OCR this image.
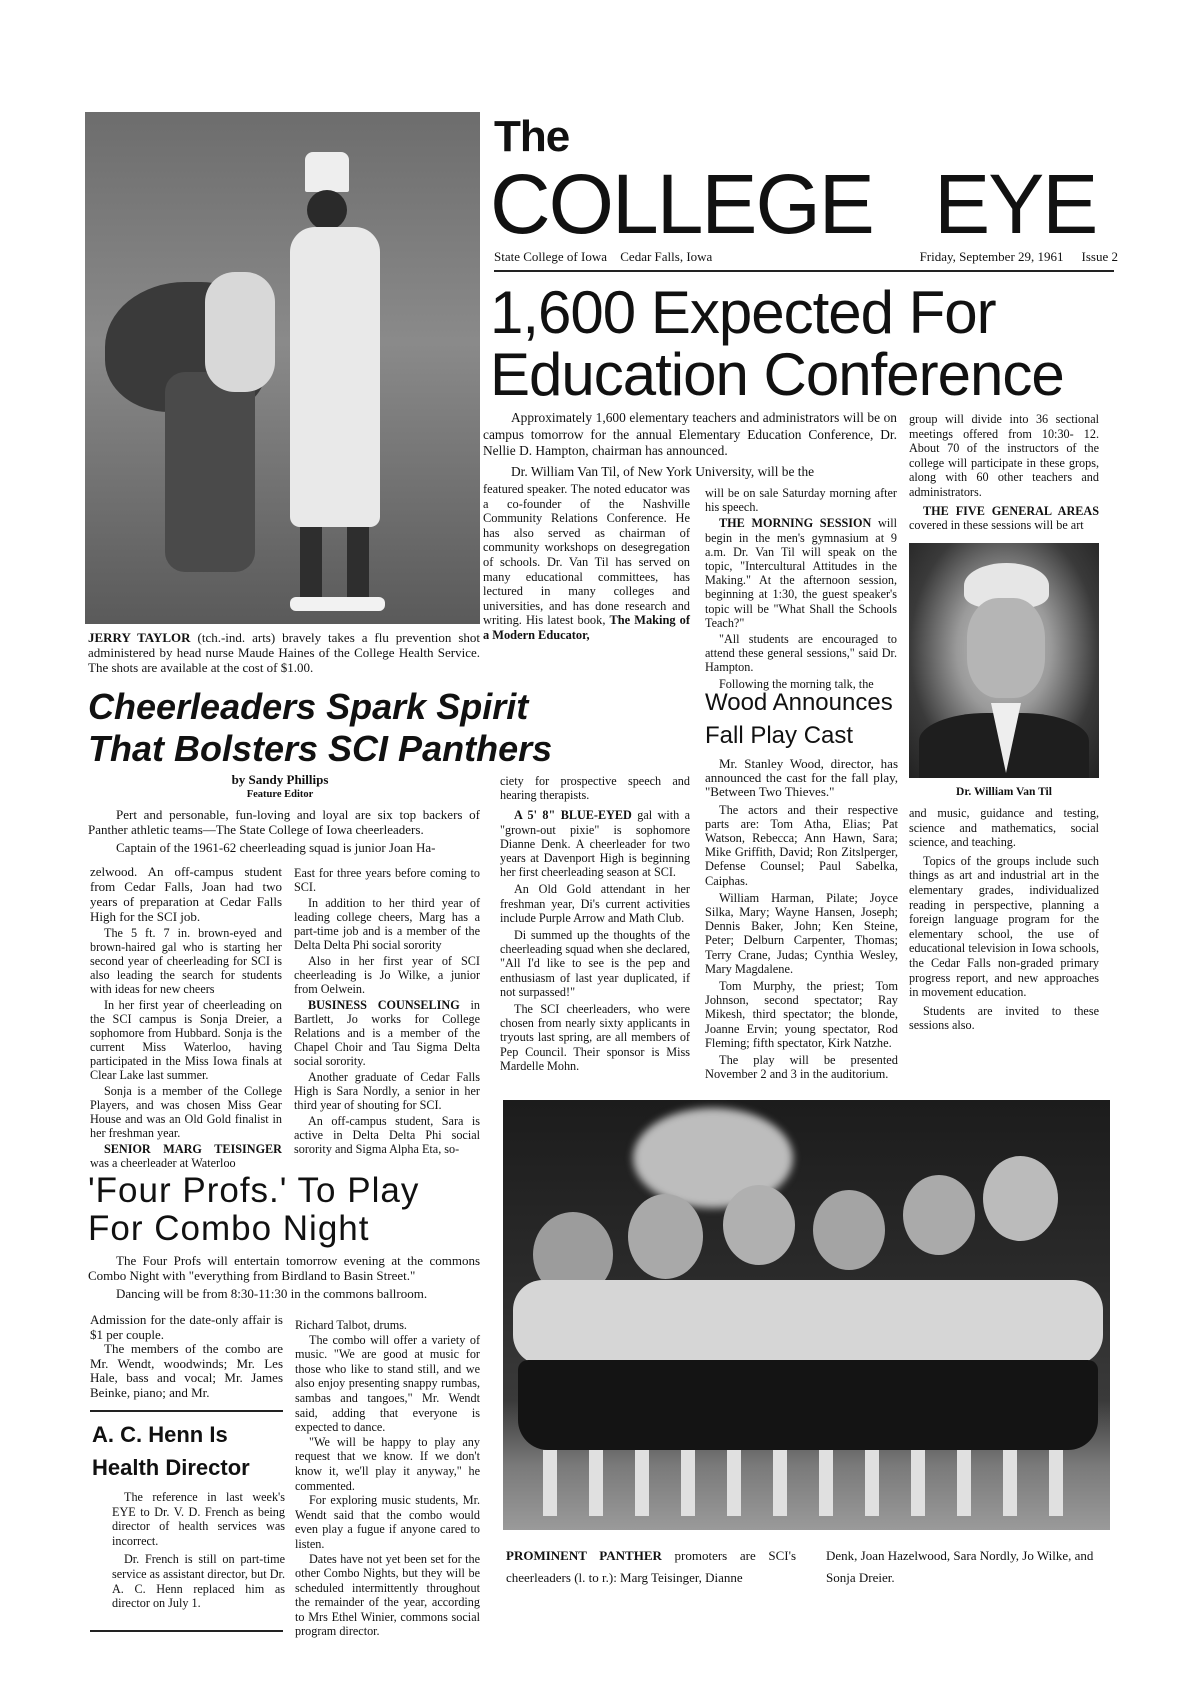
The
COLLEGE EYE
State College of Iowa Cedar Falls, Iowa	Issue 2
Friday, September 29, 1961
JERRY TAYLOR (tch.-ind. arts) bravely takes a flu prevention shot administered by head nurse Maude Haines of the College Health Service. The shots are available at the cost of $1.00.
1,600 Expected For
Education Conference

Approximately 1,600 elementary teachers and administrators will be on campus tomorrow for the annual Elementary Education Conference, Dr. Nellie D. Hampton, chairman has announced.

Dr. William Van Til, of New York University, will be the

featured speaker. The noted educator was a co-founder of the Nashville Community Relations Conference. He has also served as chairman of community workshops on desegregation of schools. Dr. Van Til has served on many educational committees, has lectured in many colleges and universities, and has done research and writing. His latest book, The Making of a Modern Educator,

will be on sale Saturday morning after his speech.

THE MORNING SESSION will begin in the men's gymnasium at 9 a.m. Dr. Van Til will speak on the topic, "Intercultural Attitudes in the Making." At the afternoon session, beginning at 1:30, the guest speaker's topic will be "What Shall the Schools Teach?"

"All students are encouraged to attend these general sessions," said Dr. Hampton.

Following the morning talk, the

group will divide into 36 sectional meetings offered from 10:30- 12. About 70 of the instructors of the college will participate in these grops, along with 60 other teachers and administrators.

THE FIVE GENERAL AREAS covered in these sessions will be art

Dr. William Van Til

and music, guidance and testing, science and mathematics, social science, and teaching.

Topics of the groups include such things as art and industrial art in the elementary grades, individualized reading in perspective, planning a foreign language program for the elementary school, the use of educational television in Iowa schools, the Cedar Falls non-graded primary progress report, and new approaches in movement education.

Students are invited to these sessions also.

Cheerleaders Spark Spirit
That Bolsters SCI Panthers
by Sandy Phillips
Feature Editor

Pert and personable, fun-loving and loyal are six top backers of Panther athletic teams—The State College of Iowa cheerleaders.

Captain of the 1961-62 cheerleading squad is junior Joan Ha-

zelwood. An off-campus student from Cedar Falls, Joan had two years of preparation at Cedar Falls High for the SCI job.

The 5 ft. 7 in. brown-eyed and brown-haired gal who is starting her second year of cheerleading for SCI is also leading the search for students with ideas for new cheers

In her first year of cheerleading on the SCI campus is Sonja Dreier, a sophomore from Hubbard. Sonja is the current Miss Waterloo, having participated in the Miss Iowa finals at Clear Lake last summer.

Sonja is a member of the College Players, and was chosen Miss Gear House and was an Old Gold finalist in her freshman year.

SENIOR MARG TEISINGER was a cheerleader at Waterloo

East for three years before coming to SCI.

In addition to her third year of leading college cheers, Marg has a part-time job and is a member of the Delta Delta Phi social sorority

Also in her first year of SCI cheerleading is Jo Wilke, a junior from Oelwein.

BUSINESS COUNSELING in Bartlett, Jo works for College Relations and is a member of the Chapel Choir and Tau Sigma Delta social sorority.

Another graduate of Cedar Falls High is Sara Nordly, a senior in her third year of shouting for SCI.

An off-campus student, Sara is active in Delta Delta Phi social sorority and Sigma Alpha Eta, so-

ciety for prospective speech and hearing therapists.

A 5' 8" BLUE-EYED gal with a "grown-out pixie" is sophomore Dianne Denk. A cheerleader for two years at Davenport High is beginning her first cheerleading season at SCI.

An Old Gold attendant in her freshman year, Di's current activities include Purple Arrow and Math Club.

Di summed up the thoughts of the cheerleading squad when she declared, "All I'd like to see is the pep and enthusiasm of last year duplicated, if not surpassed!"

The SCI cheerleaders, who were chosen from nearly sixty applicants in tryouts last spring, are all members of Pep Council. Their sponsor is Miss Mardelle Mohn.

Wood Announces
Fall Play Cast

Mr. Stanley Wood, director, has announced the cast for the fall play, "Between Two Thieves."

The actors and their respective parts are: Tom Atha, Elias; Pat Watson, Rebecca; Ann Hawn, Sara; Mike Griffith, David; Ron Zitslperger, Defense Counsel; Paul Sabelka, Caiphas.

William Harman, Pilate; Joyce Silka, Mary; Wayne Hansen, Joseph; Dennis Baker, John; Ken Steine, Peter; Delburn Carpenter, Thomas; Terry Crane, Judas; Cynthia Wesley, Mary Magdalene.

Tom Murphy, the priest; Tom Johnson, second spectator; Ray Mikesh, third spectator; the blonde, Joanne Ervin; young spectator, Rod Fleming; fifth spectator, Kirk Natzhe.

The play will be presented November 2 and 3 in the auditorium.

PROMINENT PANTHER promoters are SCI's cheerleaders (l. to r.): Marg Teisinger, Dianne
Denk, Joan Hazelwood, Sara Nordly, Jo Wilke, and Sonja Dreier.
'Four Profs.' To Play
For Combo Night

The Four Profs will entertain tomorrow evening at the commons Combo Night with "everything from Birdland to Basin Street."

Dancing will be from 8:30-11:30 in the commons ballroom.

Admission for the date-only affair is $1 per couple.

The members of the combo are Mr. Wendt, woodwinds; Mr. Les Hale, bass and vocal; Mr. James Beinke, piano; and Mr.

Richard Talbot, drums.

The combo will offer a variety of music. "We are good at music for those who like to stand still, and we also enjoy presenting snappy rumbas, sambas and tangoes," Mr. Wendt said, adding that everyone is expected to dance.

"We will be happy to play any request that we know. If we don't know it, we'll play it anyway," he commented.

For exploring music students, Mr. Wendt said that the combo would even play a fugue if anyone cared to listen.

Dates have not yet been set for the other Combo Nights, but they will be scheduled intermittently throughout the remainder of the year, according to Mrs Ethel Winier, commons social program director.

A. C. Henn Is
Health Director

The reference in last week's EYE to Dr. V. D. French as being director of health services was incorrect.

Dr. French is still on part-time service as assistant director, but Dr. A. C. Henn replaced him as director on July 1.
